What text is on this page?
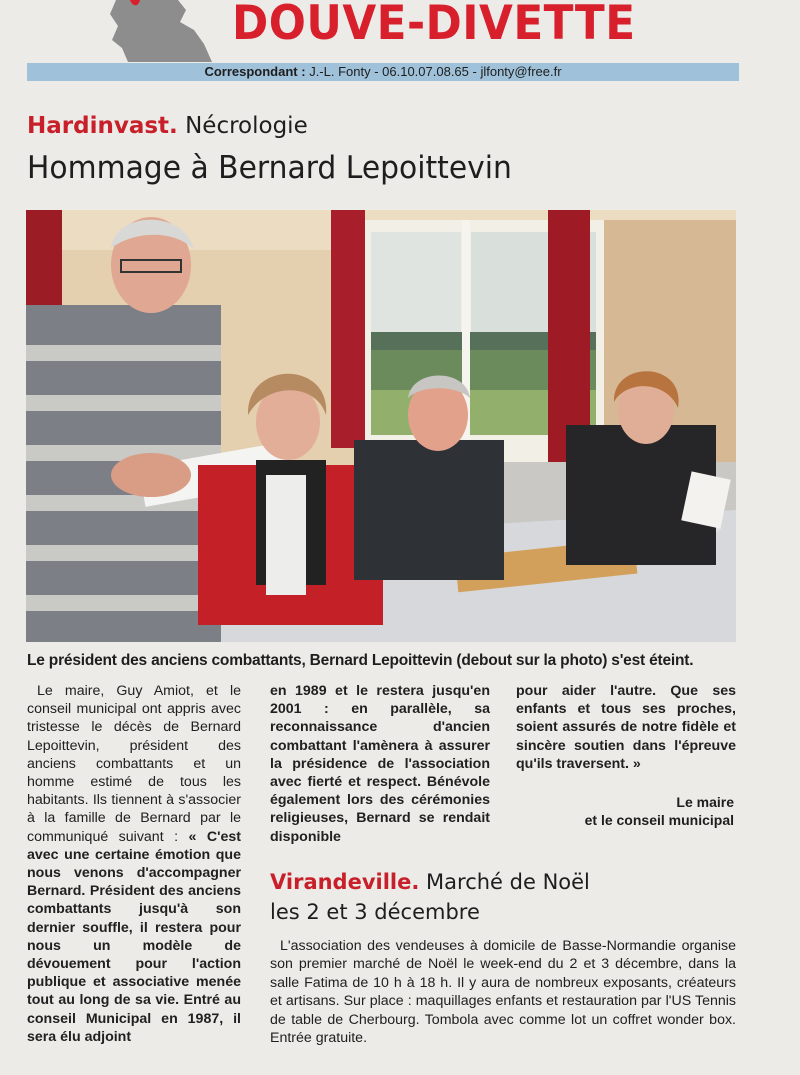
DOUVE-DIVETTE
Correspondant : J.-L. Fonty - 06.10.07.08.65 - jlfonty@free.fr
Hardinvast. Nécrologie
Hommage à Bernard Lepoittevin
Le président des anciens combattants, Bernard Lepoittevin (debout sur la photo) s'est éteint.
Le maire, Guy Amiot, et le conseil municipal ont appris avec tristesse le décès de Bernard Lepoittevin, président des anciens combattants et un homme estimé de tous les habitants. Ils tiennent à s'associer à la famille de Bernard par le communiqué suivant : « C'est avec une certaine émotion que nous venons d'accompagner Bernard. Président des anciens combattants jusqu'à son dernier souffle, il restera pour nous un modèle de dévouement pour l'action publique et associative menée tout au long de sa vie. Entré au conseil Municipal en 1987, il sera élu adjoint
en 1989 et le restera jusqu'en 2001 : en parallèle, sa reconnaissance d'ancien combattant l'amènera à assurer la présidence de l'association avec fierté et respect. Bénévole également lors des cérémonies religieuses, Bernard se rendait disponible
pour aider l'autre. Que ses enfants et tous ses proches, soient assurés de notre fidèle et sincère soutien dans l'épreuve qu'ils traversent. »
Le maire
et le conseil municipal
Virandeville. Marché de Noël
les 2 et 3 décembre
L'association des vendeuses à domicile de Basse-Normandie organise son premier marché de Noël le week-end du 2 et 3 décembre, dans la salle Fatima de 10 h à 18 h. Il y aura de nombreux exposants, créateurs et artisans. Sur place : maquillages enfants et restauration par l'US Tennis de table de Cherbourg. Tombola avec comme lot un coffret wonder box. Entrée gratuite.
